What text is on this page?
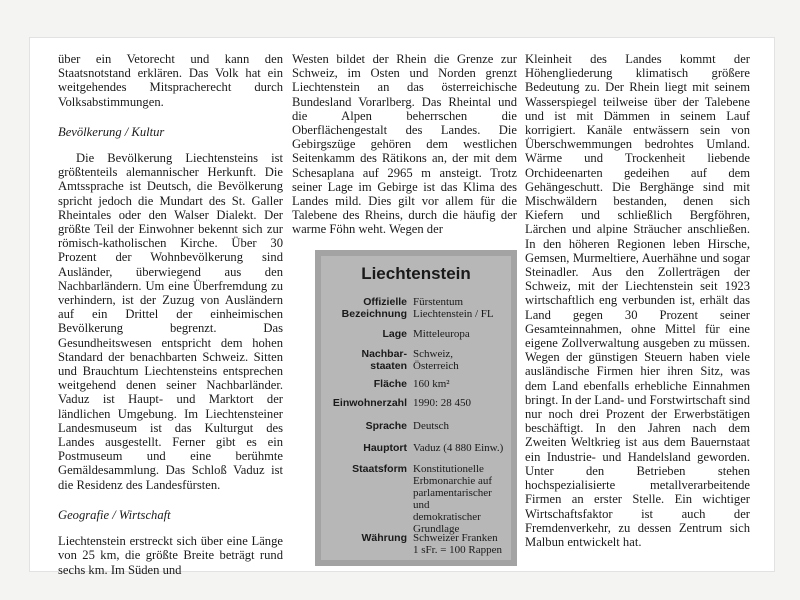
über ein Vetorecht und kann den Staatsnotstand erklären. Das Volk hat ein weitgehendes Mitspracherecht durch Volksabstimmungen.

Bevölkerung / Kultur

Die Bevölkerung Liechtensteins ist größtenteils alemannischer Herkunft. Die Amtssprache ist Deutsch, die Bevölkerung spricht jedoch die Mundart des St. Galler Rheintales oder den Walser Dialekt. Der größte Teil der Einwohner bekennt sich zur römisch-katholischen Kirche. Über 30 Prozent der Wohnbevölkerung sind Ausländer, überwiegend aus den Nachbarländern. Um eine Überfremdung zu verhindern, ist der Zuzug von Ausländern auf ein Drittel der einheimischen Bevölkerung begrenzt. Das Gesundheitswesen entspricht dem hohen Standard der benachbarten Schweiz. Sitten und Brauchtum Liechtensteins entsprechen weitgehend denen seiner Nachbarländer. Vaduz ist Haupt- und Marktort der ländlichen Umgebung. Im Liechtensteiner Landesmuseum ist das Kulturgut des Landes ausgestellt. Ferner gibt es ein Postmuseum und eine berühmte Gemäldesammlung. Das Schloß Vaduz ist die Residenz des Landesfürsten.

Geografie / Wirtschaft

Liechtenstein erstreckt sich über eine Länge von 25 km, die größte Breite beträgt rund sechs km. Im Süden und

Westen bildet der Rhein die Grenze zur Schweiz, im Osten und Norden grenzt Liechtenstein an das österreichische Bundesland Vorarlberg. Das Rheintal und die Alpen beherrschen die Oberflächengestalt des Landes. Die Gebirgszüge gehören dem westlichen Seitenkamm des Rätikons an, der mit dem Schesaplana auf 2965 m ansteigt. Trotz seiner Lage im Gebirge ist das Klima des Landes mild. Dies gilt vor allem für die Talebene des Rheins, durch die häufig der warme Föhn weht. Wegen der

Kleinheit des Landes kommt der Höhengliederung klimatisch größere Bedeutung zu. Der Rhein liegt mit seinem Wasserspiegel teilweise über der Talebene und ist mit Dämmen in seinem Lauf korrigiert. Kanäle entwässern sein von Überschwemmungen bedrohtes Umland. Wärme und Trockenheit liebende Orchideenarten gedeihen auf dem Gehängeschutt. Die Berghänge sind mit Mischwäldern bestanden, denen sich Kiefern und schließlich Bergföhren, Lärchen und alpine Sträucher anschließen. In den höheren Regionen leben Hirsche, Gemsen, Murmeltiere, Auerhähne und sogar Steinadler. Aus den Zollerträgen der Schweiz, mit der Liechtenstein seit 1923 wirtschaftlich eng verbunden ist, erhält das Land gegen 30 Prozent seiner Gesamteinnahmen, ohne Mittel für eine eigene Zollverwaltung ausgeben zu müssen. Wegen der günstigen Steuern haben viele ausländische Firmen hier ihren Sitz, was dem Land ebenfalls erhebliche Einnahmen bringt. In der Land- und Forstwirtschaft sind nur noch drei Prozent der Erwerbstätigen beschäftigt. In den Jahren nach dem Zweiten Weltkrieg ist aus dem Bauernstaat ein Industrie- und Handelsland geworden. Unter den Betrieben stehen hochspezialisierte metallverarbeitende Firmen an erster Stelle. Ein wichtiger Wirtschaftsfaktor ist auch der Fremdenverkehr, zu dessen Zentrum sich Malbun entwickelt hat.

Liechtenstein
Offizielle
Bezeichnung
Fürstentum
Liechtenstein / FL
Lage Mitteleuropa
Nachbar-
staaten
Schweiz,
Österreich
Fläche 160 km²
Einwohnerzahl 1990: 28 450
Sprache Deutsch
Hauptort Vaduz (4 880 Einw.)
Staatsform Konstitutionelle
Erbmonarchie auf
parlamentarischer und
demokratischer
Grundlage
Währung Schweizer Franken
1 sFr. = 100 Rappen
